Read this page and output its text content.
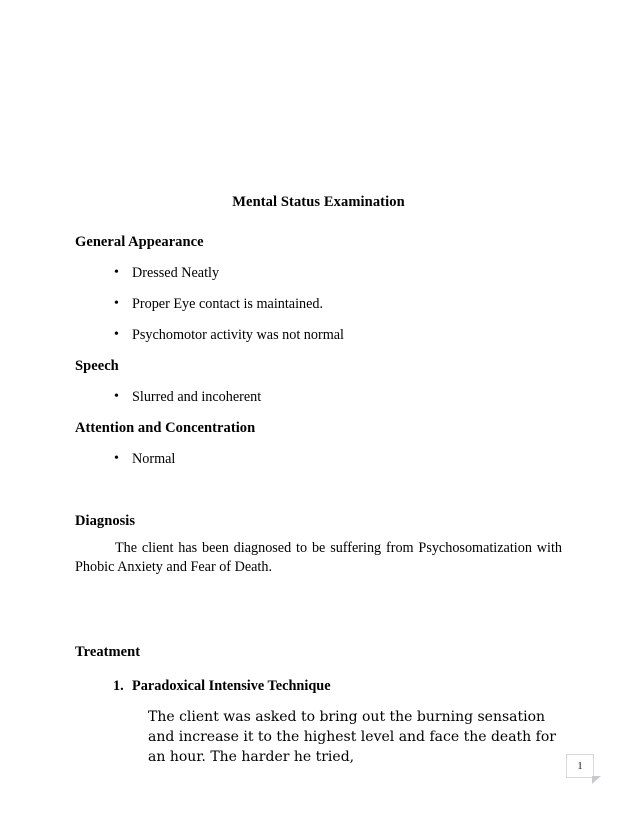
Mental Status Examination
General Appearance
• Dressed Neatly
• Proper Eye contact is maintained.
• Psychomotor activity was not normal
Speech
• Slurred and incoherent
Attention and Concentration
• Normal
Diagnosis

The client has been diagnosed to be suffering from Psychosomatization with Phobic Anxiety and Fear of Death.

Treatment
1. Paradoxical Intensive Technique

The client was asked to bring out the burning sensation and increase it to the highest level and face the death for an hour. The harder he tried,

1
